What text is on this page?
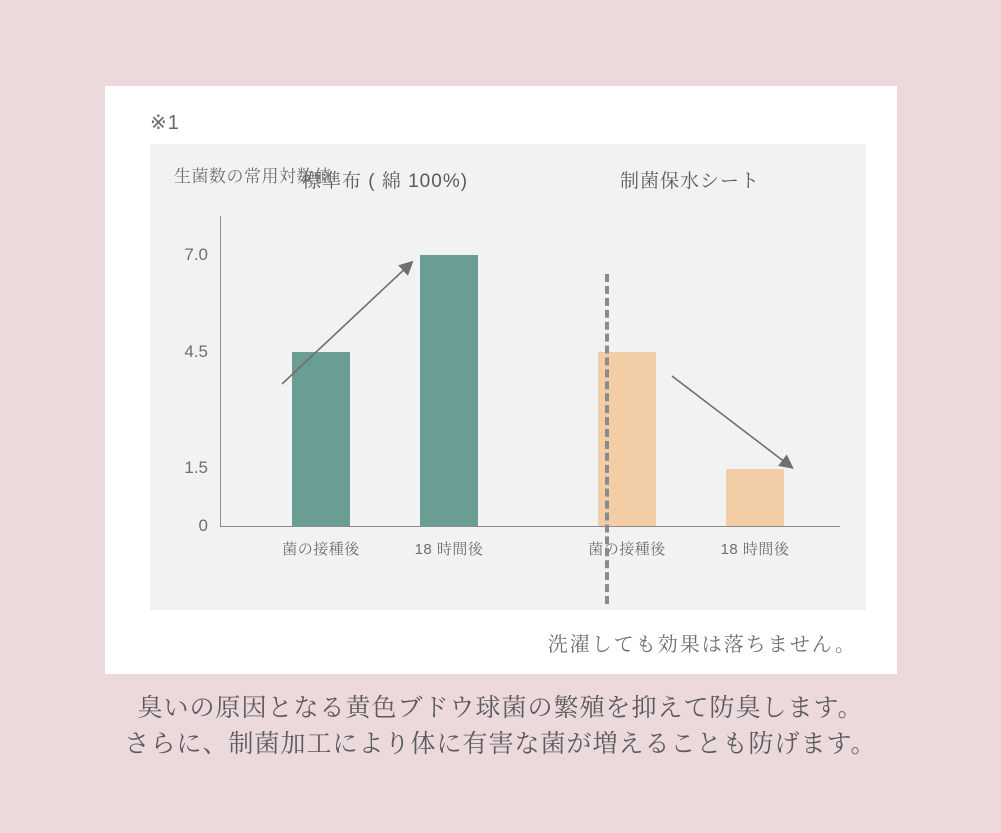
※1
生菌数の常用対数値
0
1.5
4.5
7.0
菌の接種後	18 時間後	菌の接種後	18 時間後
標準布 ( 綿 100%)	制菌保水シート
洗濯しても効果は落ちません。
臭いの原因となる黄色ブドウ球菌の繁殖を抑えて防臭します。
さらに、制菌加工により体に有害な菌が増えることも防げます。
